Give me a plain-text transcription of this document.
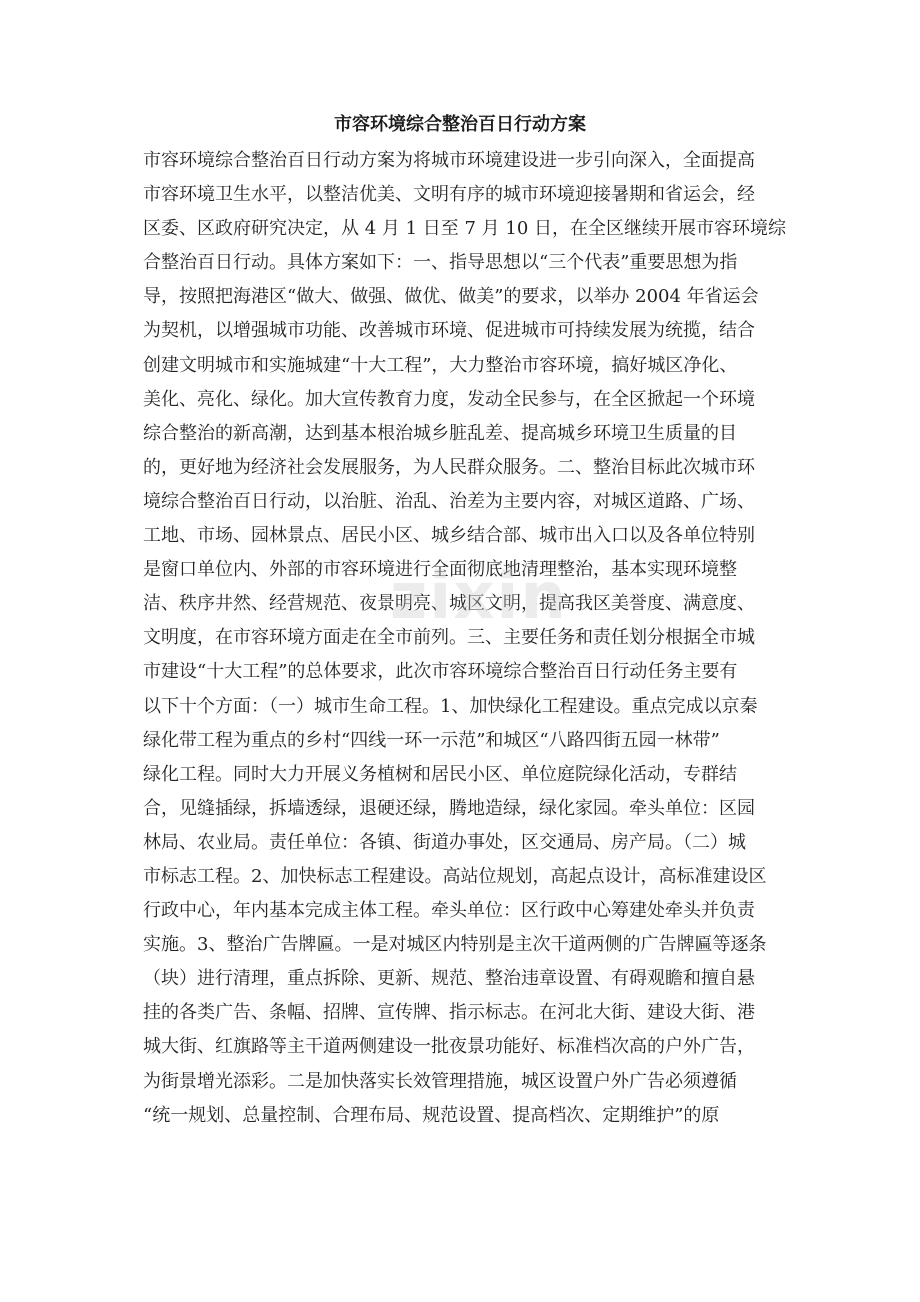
市容环境综合整治百日行动方案
市容环境综合整治百日行动方案为将城市环境建设进一步引向深入，全面提高
市容环境卫生水平，以整洁优美、文明有序的城市环境迎接暑期和省运会，经
区委、区政府研究决定，从 4 月 1 日至 7 月 10 日，在全区继续开展市容环境综
合整治百日行动。具体方案如下：一、指导思想以“三个代表”重要思想为指
导，按照把海港区“做大、做强、做优、做美”的要求，以举办 2004 年省运会
为契机，以增强城市功能、改善城市环境、促进城市可持续发展为统揽，结合
创建文明城市和实施城建“十大工程”，大力整治市容环境，搞好城区净化、
美化、亮化、绿化。加大宣传教育力度，发动全民参与，在全区掀起一个环境
综合整治的新高潮，达到基本根治城乡脏乱差、提高城乡环境卫生质量的目
的，更好地为经济社会发展服务，为人民群众服务。二、整治目标此次城市环
境综合整治百日行动，以治脏、治乱、治差为主要内容，对城区道路、广场、
工地、市场、园林景点、居民小区、城乡结合部、城市出入口以及各单位特别
是窗口单位内、外部的市容环境进行全面彻底地清理整治，基本实现环境整
洁、秩序井然、经营规范、夜景明亮、城区文明，提高我区美誉度、满意度、
文明度，在市容环境方面走在全市前列。三、主要任务和责任划分根据全市城
市建设“十大工程”的总体要求，此次市容环境综合整治百日行动任务主要有
以下十个方面：（一）城市生命工程。1、加快绿化工程建设。重点完成以京秦
绿化带工程为重点的乡村“四线一环一示范”和城区“八路四街五园一林带”
绿化工程。同时大力开展义务植树和居民小区、单位庭院绿化活动，专群结
合，见缝插绿，拆墙透绿，退硬还绿，腾地造绿，绿化家园。牵头单位：区园
林局、农业局。责任单位：各镇、街道办事处，区交通局、房产局。（二）城
市标志工程。2、加快标志工程建设。高站位规划，高起点设计，高标准建设区
行政中心，年内基本完成主体工程。牵头单位：区行政中心筹建处牵头并负责
实施。3、整治广告牌匾。一是对城区内特别是主次干道两侧的广告牌匾等逐条
（块）进行清理，重点拆除、更新、规范、整治违章设置、有碍观瞻和擅自悬
挂的各类广告、条幅、招牌、宣传牌、指示标志。在河北大街、建设大街、港
城大街、红旗路等主干道两侧建设一批夜景功能好、标准档次高的户外广告，
为街景增光添彩。二是加快落实长效管理措施，城区设置户外广告必须遵循
“统一规划、总量控制、合理布局、规范设置、提高档次、定期维护”的原
zixin
